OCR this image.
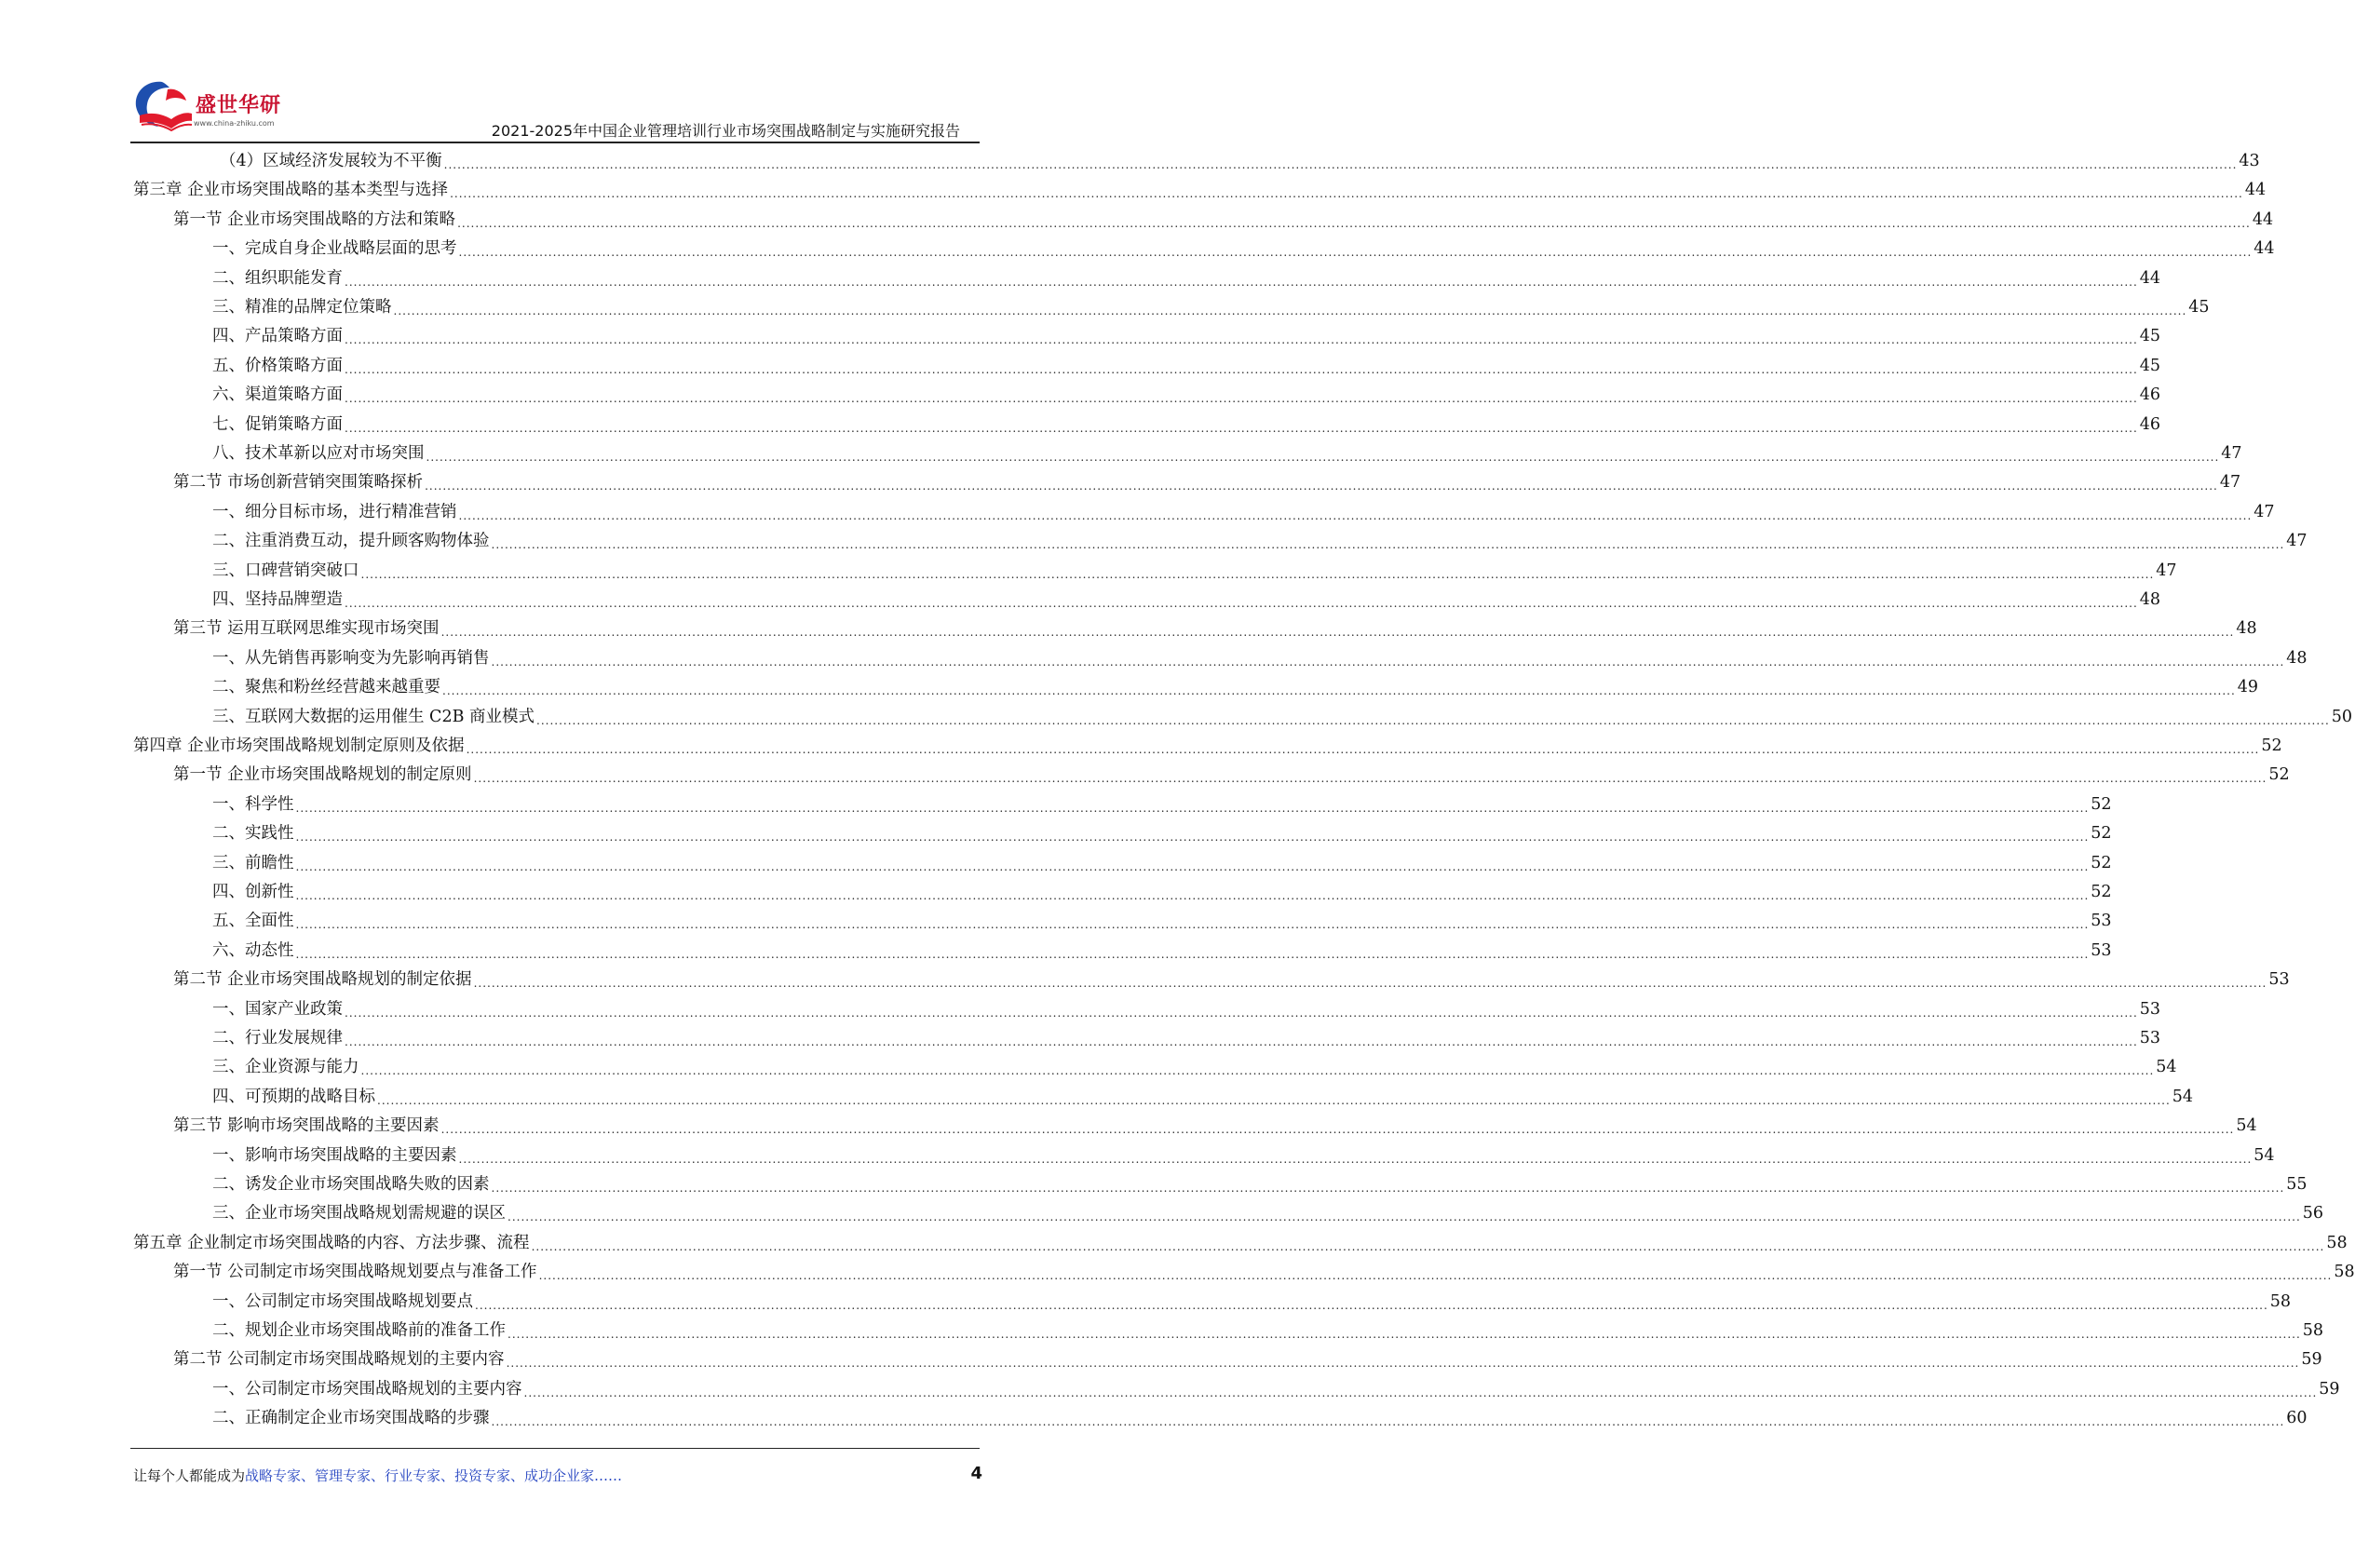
盛世华研
www.china-zhiku.com	2021-2025年中国企业管理培训行业市场突围战略制定与实施研究报告
（4）区域经济发展较为不平衡 ................................................................................................................................................................................................................................................................................................................................................................................................................ 43
第三章 企业市场突围战略的基本类型与选择 ................................................................................................................................................................................................................................................................................................................................................................................................................ 44
第一节 企业市场突围战略的方法和策略 ................................................................................................................................................................................................................................................................................................................................................................................................................ 44
一、完成自身企业战略层面的思考 ................................................................................................................................................................................................................................................................................................................................................................................................................ 44
二、组织职能发育 ................................................................................................................................................................................................................................................................................................................................................................................................................ 44
三、精准的品牌定位策略 ................................................................................................................................................................................................................................................................................................................................................................................................................ 45
四、产品策略方面 ................................................................................................................................................................................................................................................................................................................................................................................................................ 45
五、价格策略方面 ................................................................................................................................................................................................................................................................................................................................................................................................................ 45
六、渠道策略方面 ................................................................................................................................................................................................................................................................................................................................................................................................................ 46
七、促销策略方面 ................................................................................................................................................................................................................................................................................................................................................................................................................ 46
八、技术革新以应对市场突围 ................................................................................................................................................................................................................................................................................................................................................................................................................ 47
第二节 市场创新营销突围策略探析 ................................................................................................................................................................................................................................................................................................................................................................................................................ 47
一、细分目标市场，进行精准营销 ................................................................................................................................................................................................................................................................................................................................................................................................................ 47
二、注重消费互动，提升顾客购物体验 ................................................................................................................................................................................................................................................................................................................................................................................................................ 47
三、口碑营销突破口 ................................................................................................................................................................................................................................................................................................................................................................................................................ 47
四、坚持品牌塑造 ................................................................................................................................................................................................................................................................................................................................................................................................................ 48
第三节 运用互联网思维实现市场突围 ................................................................................................................................................................................................................................................................................................................................................................................................................ 48
一、从先销售再影响变为先影响再销售 ................................................................................................................................................................................................................................................................................................................................................................................................................ 48
二、聚焦和粉丝经营越来越重要 ................................................................................................................................................................................................................................................................................................................................................................................................................ 49
三、互联网大数据的运用催生 C2B 商业模式 ................................................................................................................................................................................................................................................................................................................................................................................................................ 50
第四章 企业市场突围战略规划制定原则及依据 ................................................................................................................................................................................................................................................................................................................................................................................................................ 52
第一节 企业市场突围战略规划的制定原则 ................................................................................................................................................................................................................................................................................................................................................................................................................ 52
一、科学性 ................................................................................................................................................................................................................................................................................................................................................................................................................ 52
二、实践性 ................................................................................................................................................................................................................................................................................................................................................................................................................ 52
三、前瞻性 ................................................................................................................................................................................................................................................................................................................................................................................................................ 52
四、创新性 ................................................................................................................................................................................................................................................................................................................................................................................................................ 52
五、全面性 ................................................................................................................................................................................................................................................................................................................................................................................................................ 53
六、动态性 ................................................................................................................................................................................................................................................................................................................................................................................................................ 53
第二节 企业市场突围战略规划的制定依据 ................................................................................................................................................................................................................................................................................................................................................................................................................ 53
一、国家产业政策 ................................................................................................................................................................................................................................................................................................................................................................................................................ 53
二、行业发展规律 ................................................................................................................................................................................................................................................................................................................................................................................................................ 53
三、企业资源与能力 ................................................................................................................................................................................................................................................................................................................................................................................................................ 54
四、可预期的战略目标 ................................................................................................................................................................................................................................................................................................................................................................................................................ 54
第三节 影响市场突围战略的主要因素 ................................................................................................................................................................................................................................................................................................................................................................................................................ 54
一、影响市场突围战略的主要因素 ................................................................................................................................................................................................................................................................................................................................................................................................................ 54
二、诱发企业市场突围战略失败的因素 ................................................................................................................................................................................................................................................................................................................................................................................................................ 55
三、企业市场突围战略规划需规避的误区 ................................................................................................................................................................................................................................................................................................................................................................................................................ 56
第五章 企业制定市场突围战略的内容、方法步骤、流程 ................................................................................................................................................................................................................................................................................................................................................................................................................ 58
第一节 公司制定市场突围战略规划要点与准备工作 ................................................................................................................................................................................................................................................................................................................................................................................................................ 58
一、公司制定市场突围战略规划要点 ................................................................................................................................................................................................................................................................................................................................................................................................................ 58
二、规划企业市场突围战略前的准备工作 ................................................................................................................................................................................................................................................................................................................................................................................................................ 58
第二节 公司制定市场突围战略规划的主要内容 ................................................................................................................................................................................................................................................................................................................................................................................................................ 59
一、公司制定市场突围战略规划的主要内容 ................................................................................................................................................................................................................................................................................................................................................................................................................ 59
二、正确制定企业市场突围战略的步骤 ................................................................................................................................................................................................................................................................................................................................................................................................................ 60
让每个人都能成为战略专家、管理专家、行业专家、投资专家、成功企业家……	4
